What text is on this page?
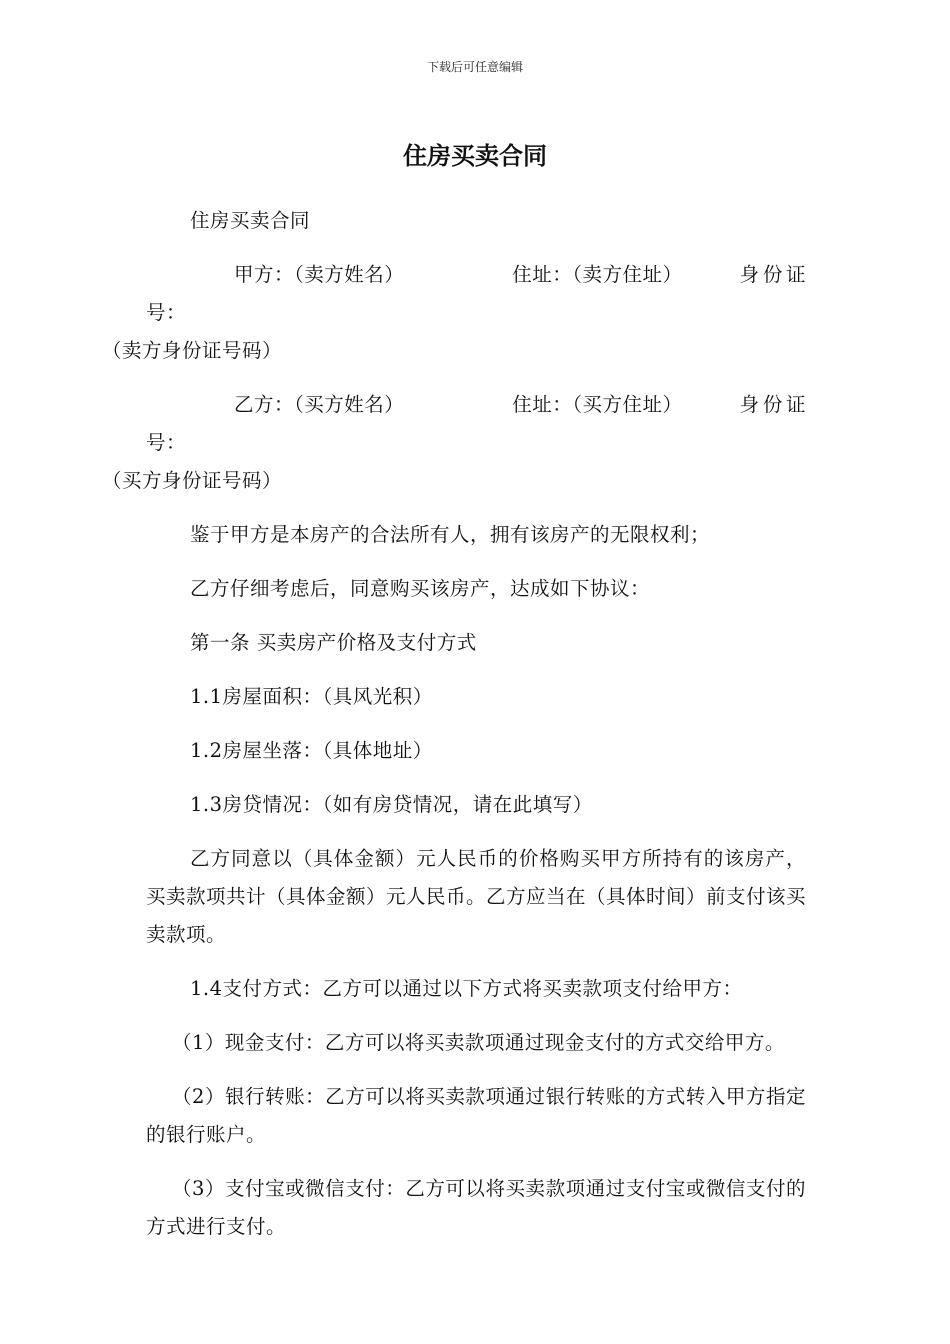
下载后可任意编辑
住房买卖合同

住房买卖合同

甲方：（卖方姓名）	住址：（卖方住址）	身份证号：
（卖方身份证号码）

乙方：（买方姓名）	住址：（买方住址）	身份证号：
（买方身份证号码）

鉴于甲方是本房产的合法所有人，拥有该房产的无限权利；

乙方仔细考虑后，同意购买该房产，达成如下协议：

第一条 买卖房产价格及支付方式

1.1房屋面积：（具风光积）

1.2房屋坐落：（具体地址）

1.3房贷情况：（如有房贷情况，请在此填写）

乙方同意以（具体金额）元人民币的价格购买甲方所持有的该房产，买卖款项共计（具体金额）元人民币。乙方应当在（具体时间）前支付该买卖款项。

1.4支付方式：乙方可以通过以下方式将买卖款项支付给甲方：

（1）现金支付：乙方可以将买卖款项通过现金支付的方式交给甲方。

（2）银行转账：乙方可以将买卖款项通过银行转账的方式转入甲方指定的银行账户。

（3）支付宝或微信支付：乙方可以将买卖款项通过支付宝或微信支付的方式进行支付。
